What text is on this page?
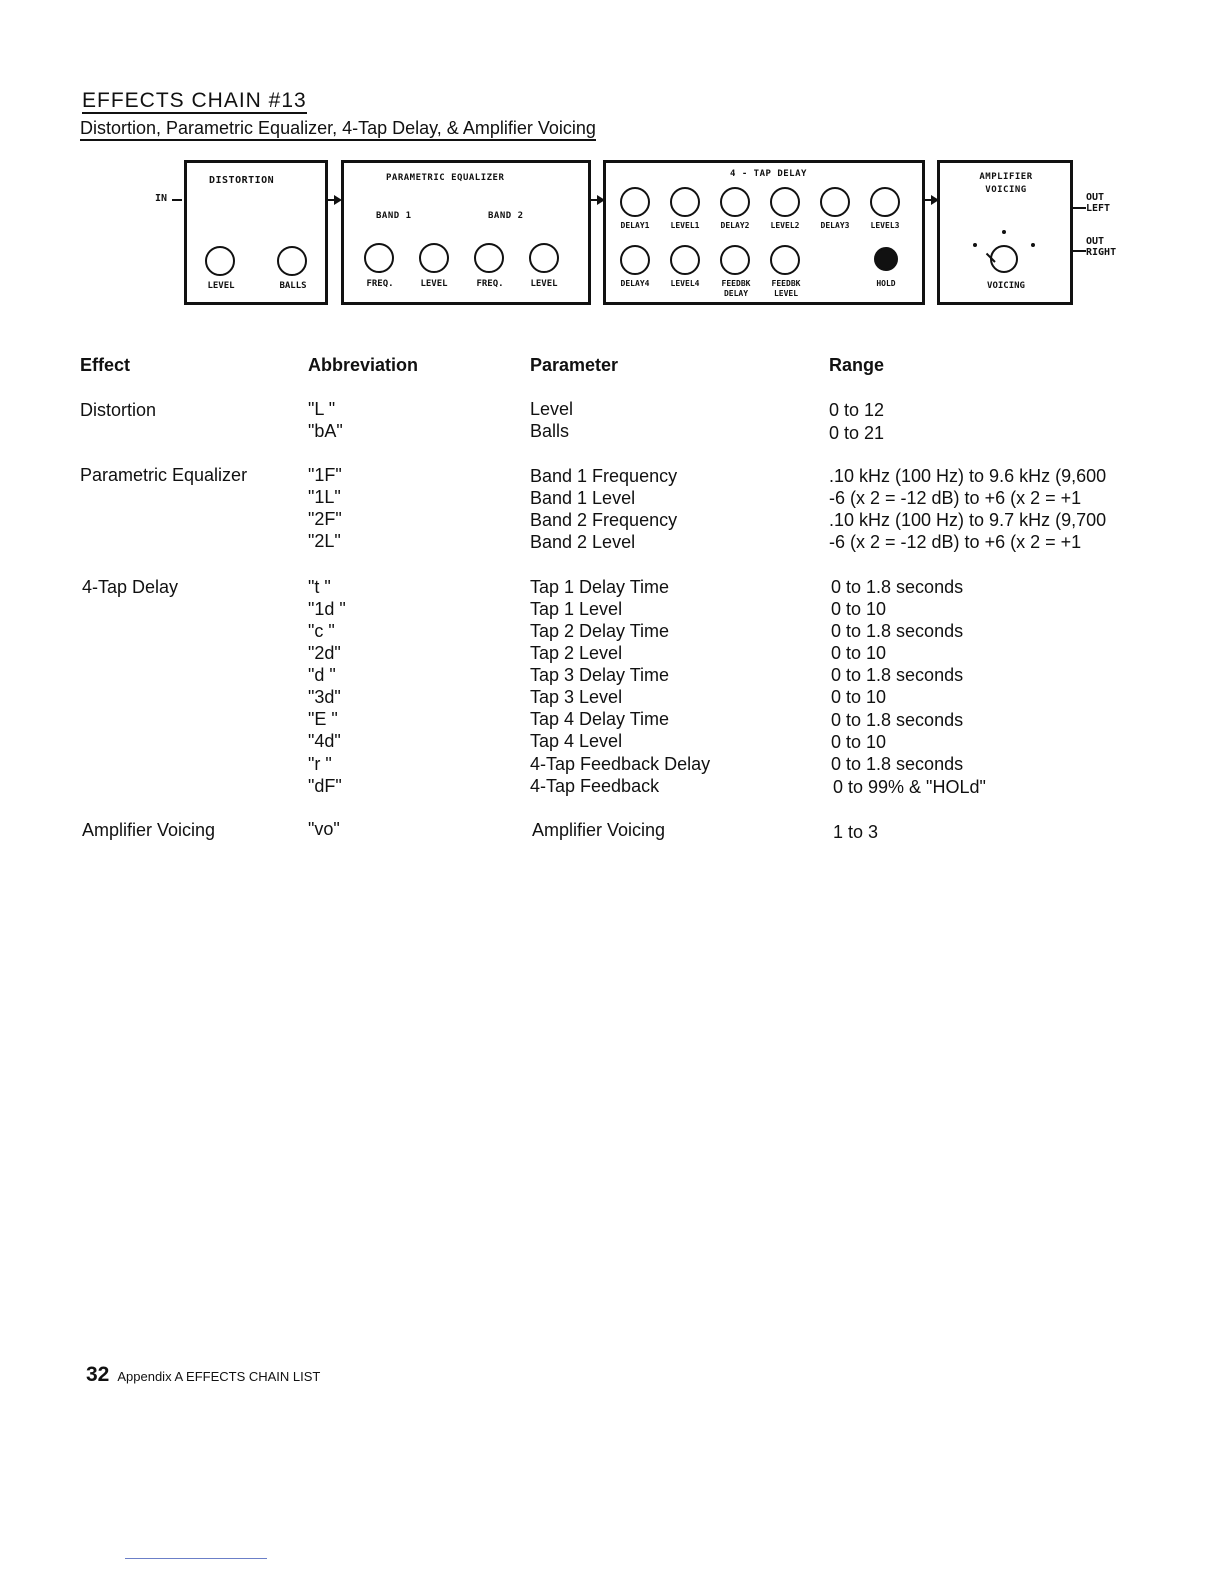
EFFECTS CHAIN #13
Distortion, Parametric Equalizer, 4-Tap Delay, & Amplifier Voicing
IN
DISTORTION
LEVEL	BALLS
PARAMETRIC EQUALIZER
BAND 1	BAND 2
FREQ.	LEVEL	FREQ.	LEVEL
4 - TAP DELAY
DELAY1	LEVEL1	DELAY2	LEVEL2	DELAY3	LEVEL3
DELAY4	LEVEL4	FEEDBK DELAY
FEEDBK LEVEL
HOLD
AMPLIFIER VOICING
VOICING
OUT LEFT
OUT RIGHT
Effect	Abbreviation	Parameter	Range
Distortion	"L "	Level	0 to 12
"bA"	Balls	0 to 21
Parametric Equalizer	"1F"	Band 1 Frequency	.10 kHz (100 Hz) to 9.6 kHz (9,600
"1L"	Band 1 Level	-6 (x 2 = -12 dB) to +6 (x 2 = +1
"2F"	Band 2 Frequency	.10 kHz (100 Hz) to 9.7 kHz (9,700
"2L"	Band 2 Level	-6 (x 2 = -12 dB) to +6 (x 2 = +1
4-Tap Delay	"t "	Tap 1 Delay Time	0 to 1.8 seconds
"1d "	Tap 1 Level	0 to 10
"c "	Tap 2 Delay Time	0 to 1.8 seconds
"2d"	Tap 2 Level	0 to 10
"d "	Tap 3 Delay Time	0 to 1.8 seconds
"3d"	Tap 3 Level	0 to 10
"E "	Tap 4 Delay Time	0 to 1.8 seconds
"4d"	Tap 4 Level	0 to 10
"r "	4-Tap Feedback Delay	0 to 1.8 seconds
"dF"	4-Tap Feedback	0 to 99% & "HOLd"
Amplifier Voicing	"vo"	Amplifier Voicing	1 to 3
32 Appendix A EFFECTS CHAIN LIST
